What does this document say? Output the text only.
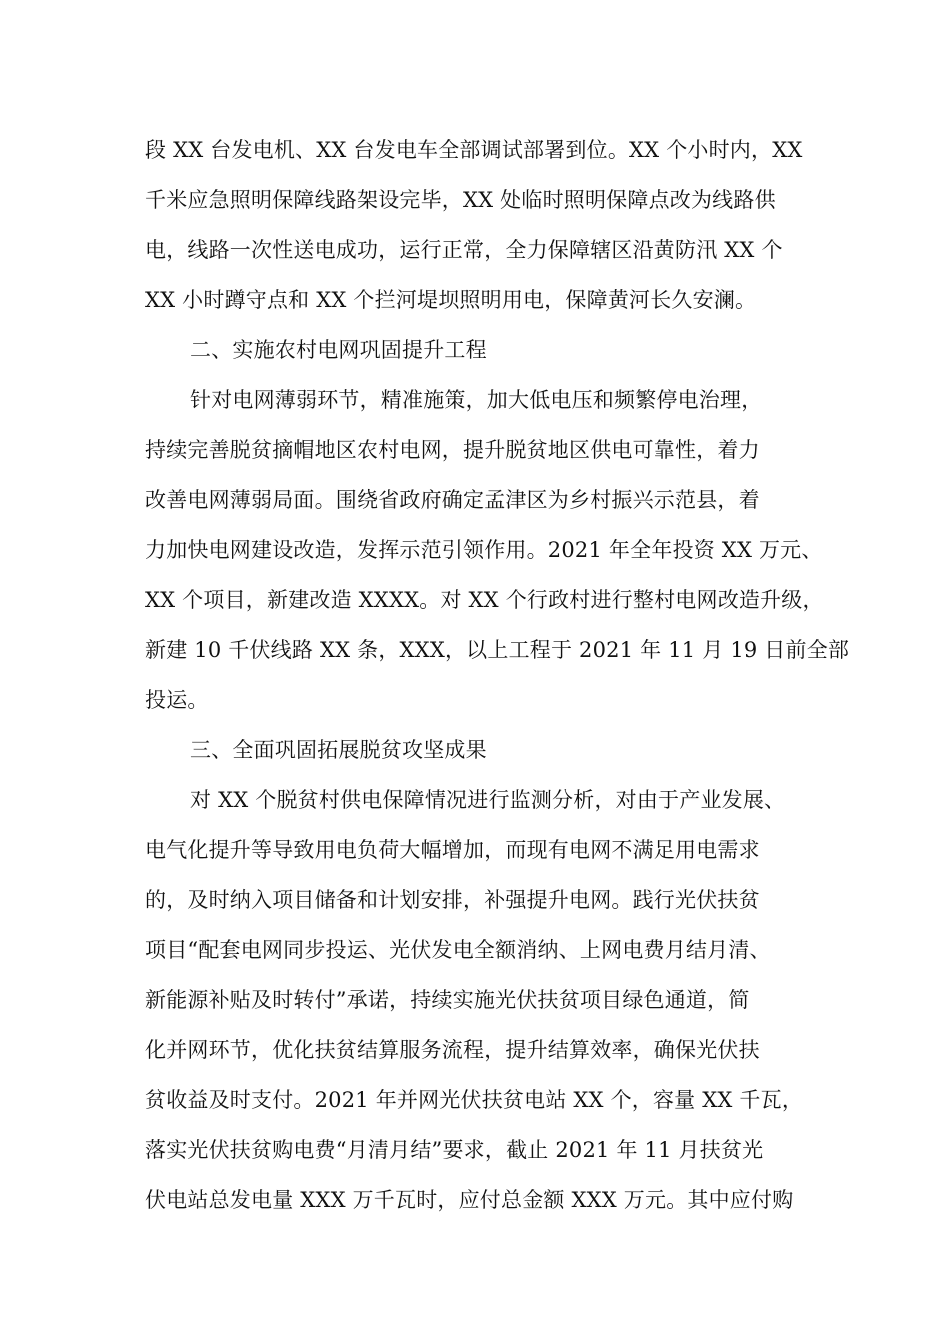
段 XX 台发电机、XX 台发电车全部调试部署到位。XX 个小时内，XX
千米应急照明保障线路架设完毕，XX 处临时照明保障点改为线路供
电，线路一次性送电成功，运行正常，全力保障辖区沿黄防汛 XX 个
XX 小时蹲守点和 XX 个拦河堤坝照明用电，保障黄河长久安澜。
二、实施农村电网巩固提升工程
针对电网薄弱环节，精准施策，加大低电压和频繁停电治理，
持续完善脱贫摘帽地区农村电网，提升脱贫地区供电可靠性，着力
改善电网薄弱局面。围绕省政府确定孟津区为乡村振兴示范县，着
力加快电网建设改造，发挥示范引领作用。2021 年全年投资 XX 万元、
XX 个项目，新建改造 XXXX。对 XX 个行政村进行整村电网改造升级，
新建 10 千伏线路 XX 条，XXX，以上工程于 2021 年 11 月 19 日前全部
投运。
三、全面巩固拓展脱贫攻坚成果
对 XX 个脱贫村供电保障情况进行监测分析，对由于产业发展、
电气化提升等导致用电负荷大幅增加，而现有电网不满足用电需求
的，及时纳入项目储备和计划安排，补强提升电网。践行光伏扶贫
项目“配套电网同步投运、光伏发电全额消纳、上网电费月结月清、
新能源补贴及时转付”承诺，持续实施光伏扶贫项目绿色通道，简
化并网环节，优化扶贫结算服务流程，提升结算效率，确保光伏扶
贫收益及时支付。2021 年并网光伏扶贫电站 XX 个，容量 XX 千瓦，
落实光伏扶贫购电费“月清月结”要求，截止 2021 年 11 月扶贫光
伏电站总发电量 XXX 万千瓦时，应付总金额 XXX 万元。其中应付购
